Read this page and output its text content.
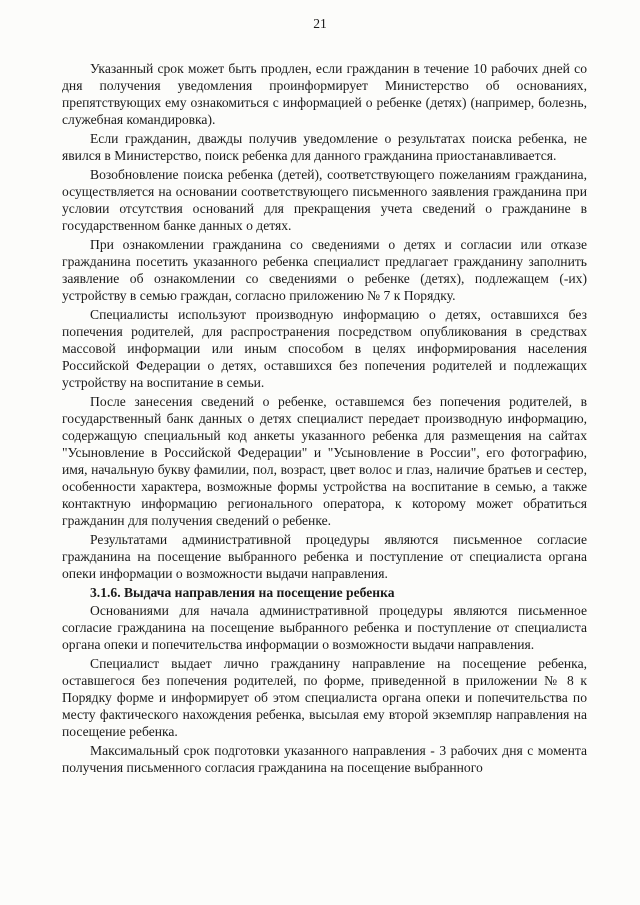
21

Указанный срок может быть продлен, если гражданин в течение 10 рабочих дней со дня получения уведомления проинформирует Министерство об основаниях, препятствующих ему ознакомиться с информацией о ребенке (детях) (например, болезнь, служебная командировка).

Если гражданин, дважды получив уведомление о результатах поиска ребенка, не явился в Министерство, поиск ребенка для данного гражданина приостанавливается.

Возобновление поиска ребенка (детей), соответствующего пожеланиям гражданина, осуществляется на основании соответствующего письменного заявления гражданина при условии отсутствия оснований для прекращения учета сведений о гражданине в государственном банке данных о детях.

При ознакомлении гражданина со сведениями о детях и согласии или отказе гражданина посетить указанного ребенка специалист предлагает гражданину заполнить заявление об ознакомлении со сведениями о ребенке (детях), подлежащем (-их) устройству в семью граждан, согласно приложению № 7 к Порядку.

Специалисты используют производную информацию о детях, оставшихся без попечения родителей, для распространения посредством опубликования в средствах массовой информации или иным способом в целях информирования населения Российской Федерации о детях, оставшихся без попечения родителей и подлежащих устройству на воспитание в семьи.

После занесения сведений о ребенке, оставшемся без попечения родителей, в государственный банк данных о детях специалист передает производную информацию, содержащую специальный код анкеты указанного ребенка для размещения на сайтах "Усыновление в Российской Федерации" и "Усыновление в России", его фотографию, имя, начальную букву фамилии, пол, возраст, цвет волос и глаз, наличие братьев и сестер, особенности характера, возможные формы устройства на воспитание в семью, а также контактную информацию регионального оператора, к которому может обратиться гражданин для получения сведений о ребенке.

Результатами административной процедуры являются письменное согласие гражданина на посещение выбранного ребенка и поступление от специалиста органа опеки информации о возможности выдачи направления.

3.1.6. Выдача направления на посещение ребенка

Основаниями для начала административной процедуры являются письменное согласие гражданина на посещение выбранного ребенка и поступление от специалиста органа опеки и попечительства информации о возможности выдачи направления.

Специалист выдает лично гражданину направление на посещение ребенка, оставшегося без попечения родителей, по форме, приведенной в приложении № 8 к Порядку форме и информирует об этом специалиста органа опеки и попечительства по месту фактического нахождения ребенка, высылая ему второй экземпляр направления на посещение ребенка.

Максимальный срок подготовки указанного направления - 3 рабочих дня с момента получения письменного согласия гражданина на посещение выбранного
